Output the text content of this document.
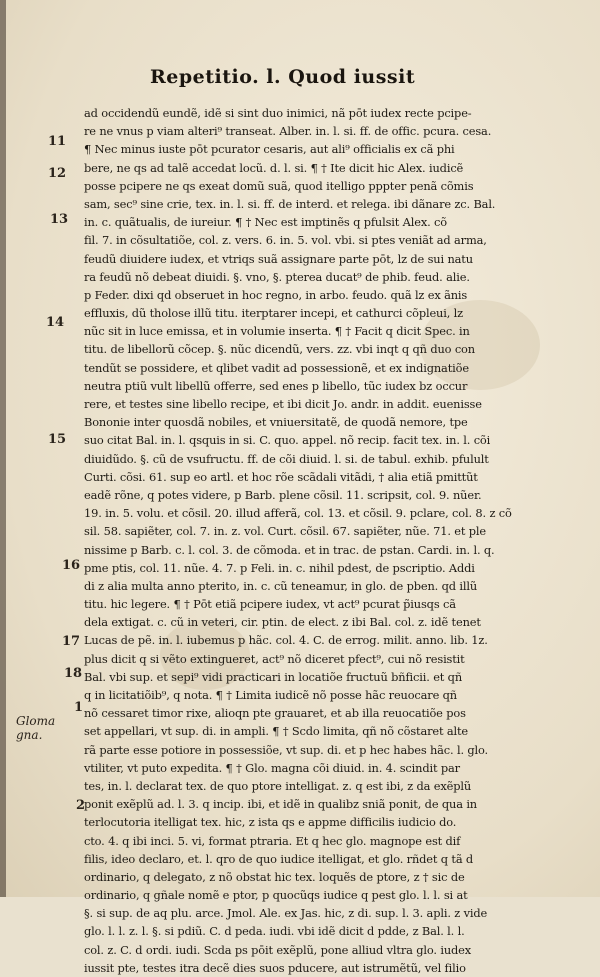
Repetitio. l. Quod iussit
11
12
13
14
15
16
17
18
1
2
Gloma gna.
ad occidendũ eundẽ, idẽ si sint duo inimici, nã pōt iudex recte pcipe-
re ne vnus p viam alteri⁹ transeat. Alber. in. l. si. ff. de offic. pcura. cesa.
¶ Nec minus iuste pōt pcurator cesaris, aut ali⁹ officialis ex cã phi
bere, ne qs ad talẽ accedat locũ. d. l. si. ¶ † Ite dicit hic Alex. iudicẽ
posse pcipere ne qs exeat domũ suã, quod itelligo pppter penã cõmis
sam, sec⁹ sine crie, tex. in. l. si. ff. de interd. et relega. ibi dãnare zc. Bal.
in. c. quãtualis, de iureiur. ¶ † Nec est imptinẽs q pfulsit Alex. cõ
fil. 7. in cõsultatiõe, col. z. vers. 6. in. 5. vol. vbi. si ptes veniãt ad arma,
feudũ diuidere iudex, et vtriqs suã assignare parte pōt, lz de sui natu
ra feudũ nõ debeat diuidi. §. vno, §. pterea ducat⁹ de phib. feud. alie.
p Feder. dixi qd obseruet in hoc regno, in arbo. feudo. quã lz ex ãnis
effluxis, dũ tholose illũ titu. iterptarer incepi, et cathurci cõpleui, lz
nũc sit in luce emissa, et in volumie inserta. ¶ † Facit q dicit Spec. in
titu. de libellorũ cõcep. §. nũc dicendũ, vers. zz. vbi inqt q qñ duo con
tendũt se possidere, et qlibet vadit ad possessionẽ, et ex indignatiõe
neutra ptiũ vult libellũ offerre, sed enes p libello, tũc iudex bz occur
rere, et testes sine libello recipe, et ibi dicit Jo. andr. in addit. euenisse
Bononie inter quosdã nobiles, et vniuersitatẽ, de quodã nemore, tpe
suo citat Bal. in. l. qsquis in si. C. quo. appel. nõ recip. facit tex. in. l. cõi
diuidũdo. §. cũ de vsufructu. ff. de cõi diuid. l. si. de tabul. exhib. pfulult
Curti. cõsi. 61. sup eo artl. et hoc rõe scãdali vitãdi, † alia etiã pmittũt
eadẽ rõne, q potes videre, p Barb. plene cõsil. 11. scripsit, col. 9. nũer.
19. in. 5. volu. et cõsil. 20. illud afferã, col. 13. et cõsil. 9. pclare, col. 8. z cõ
sil. 58. sapiẽter, col. 7. in. z. vol. Curt. cõsil. 67. sapiẽter, nũe. 71. et ple
nissime p Barb. c. l. col. 3. de cõmoda. et in trac. de pstan. Cardi. in. l. q.
pme ptis, col. 11. nũe. 4. 7. p Feli. in. c. nihil pdest, de pscriptio. Addi
di z alia multa anno pterito, in. c. cũ teneamur, in glo. de pben. qd illũ
titu. hic legere. ¶ † Pōt etiã pcipere iudex, vt act⁹ pcurat p̃iusqs cã
dela extigat. c. cũ in veteri, cir. ptin. de elect. z ibi Bal. col. z. idẽ tenet
Lucas de pẽ. in. l. iubemus p hãc. col. 4. C. de errog. milit. anno. lib. 1z.
plus dicit q si vẽto extingueret, act⁹ nõ diceret pfect⁹, cui nõ resistit
Bal. vbi sup. et sepi⁹ vidi practicari in locatiõe fructuũ bñficii. et qñ
q in licitatiõib⁹, q nota. ¶ † Limita iudicẽ nõ posse hãc reuocare qñ
nõ cessaret timor rixe, alioqn pte grauaret, et ab illa reuocatiõe pos
set appellari, vt sup. di. in ampli. ¶ † Scdo limita, qñ nõ cõstaret alte
rã parte esse potiore in possessiõe, vt sup. di. et p hec habes hãc. l. glo.
vtiliter, vt puto expedita. ¶ † Glo. magna cõi diuid. in. 4. scindit par
tes, in. l. declarat tex. de quo ptore intelligat. z. q est ibi, z da exẽplũ
ponit exẽplũ ad. l. 3. q incip. ibi, et idẽ in qualibz sniã ponit, de qua in
terlocutoria itelligat tex. hic, z ista qs e appme difficilis iudicio do.
cto. 4. q ibi inci. 5. vi, format ptraria. Et q hec glo. magnope est dif
filis, ideo declaro, et. l. qro de quo iudice itelligat, et glo. rñdet q tã d
ordinario, q delegato, z nõ obstat hic tex. loquẽs de ptore, z † sic de
ordinario, q gñale nomẽ e ptor, p quocũqs iudice q pest glo. l. l. si at
§. si sup. de aq plu. arce. Jmol. Ale. ex Jas. hic, z di. sup. l. 3. apli. z vide
glo. l. l. z. l. §. si pdiũ. C. d peda. iudi. vbi idẽ dicit d pdde, z Bal. l. l.
col. z. C. d ordi. iudi. Scda ps pōit exẽplũ, pone alliud vltra glo. iudex
iussit pte, testes itra decẽ dies suos pducere, aut istrumẽtũ, vel filio
